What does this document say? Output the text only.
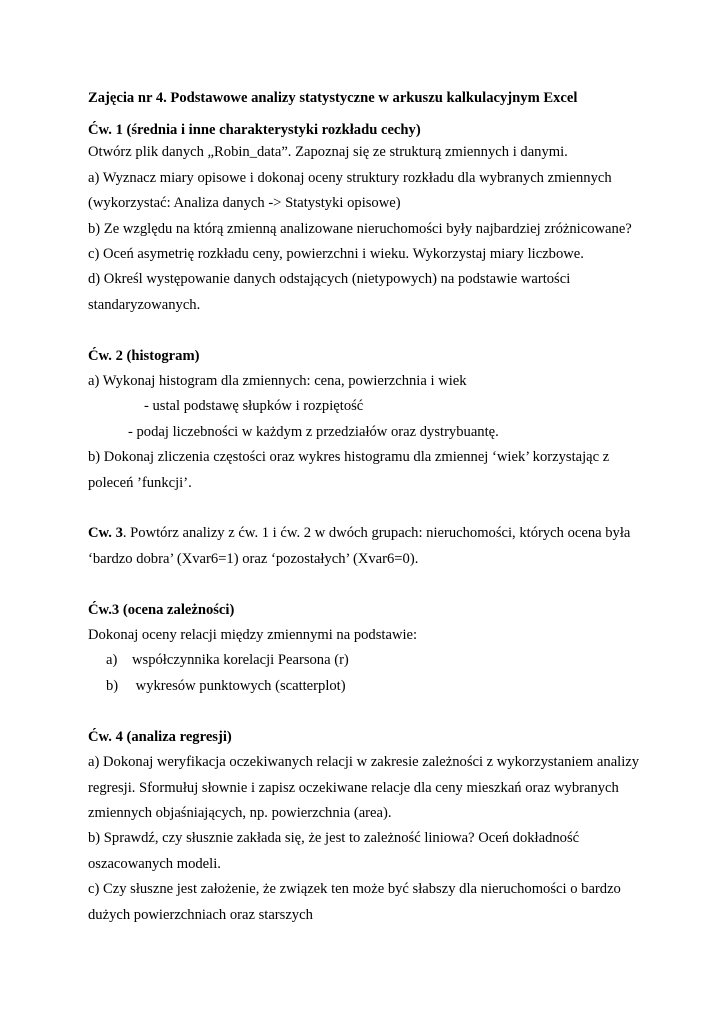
Zajęcia nr 4. Podstawowe analizy statystyczne w arkuszu kalkulacyjnym Excel

Ćw. 1 (średnia i inne charakterystyki rozkładu cechy)

Otwórz plik danych „Robin_data”. Zapoznaj się ze strukturą zmiennych i danymi.

a) Wyznacz miary opisowe i dokonaj oceny struktury rozkładu dla wybranych zmiennych

(wykorzystać: Analiza danych -> Statystyki opisowe)

b) Ze względu na którą zmienną analizowane nieruchomości były najbardziej zróżnicowane?

c) Oceń asymetrię rozkładu ceny, powierzchni i wieku. Wykorzystaj miary liczbowe.

d) Określ występowanie danych odstających (nietypowych) na podstawie wartości

standaryzowanych.

Ćw. 2 (histogram)

a) Wykonaj histogram dla zmiennych: cena, powierzchnia i wiek

- ustal podstawę słupków i rozpiętość

- podaj liczebności w każdym z przedziałów oraz dystrybuantę.

b) Dokonaj zliczenia częstości oraz wykres histogramu dla zmiennej ‘wiek’ korzystając z

poleceń ’funkcji’.

Cw. 3. Powtórz analizy z ćw. 1 i ćw. 2 w dwóch grupach: nieruchomości, których ocena była

‘bardzo dobra’ (Xvar6=1) oraz ‘pozostałych’ (Xvar6=0).

Ćw.3 (ocena zależności)

Dokonaj oceny relacji między zmiennymi na podstawie:

a) współczynnika korelacji Pearsona (r)

b) wykresów punktowych (scatterplot)

Ćw. 4 (analiza regresji)

a) Dokonaj weryfikacja oczekiwanych relacji w zakresie zależności z wykorzystaniem analizy

regresji. Sformułuj słownie i zapisz oczekiwane relacje dla ceny mieszkań oraz wybranych

zmiennych objaśniających, np. powierzchnia (area).

b) Sprawdź, czy słusznie zakłada się, że jest to zależność liniowa? Oceń dokładność

oszacowanych modeli.

c) Czy słuszne jest założenie, że związek ten może być słabszy dla nieruchomości o bardzo

dużych powierzchniach oraz starszych
